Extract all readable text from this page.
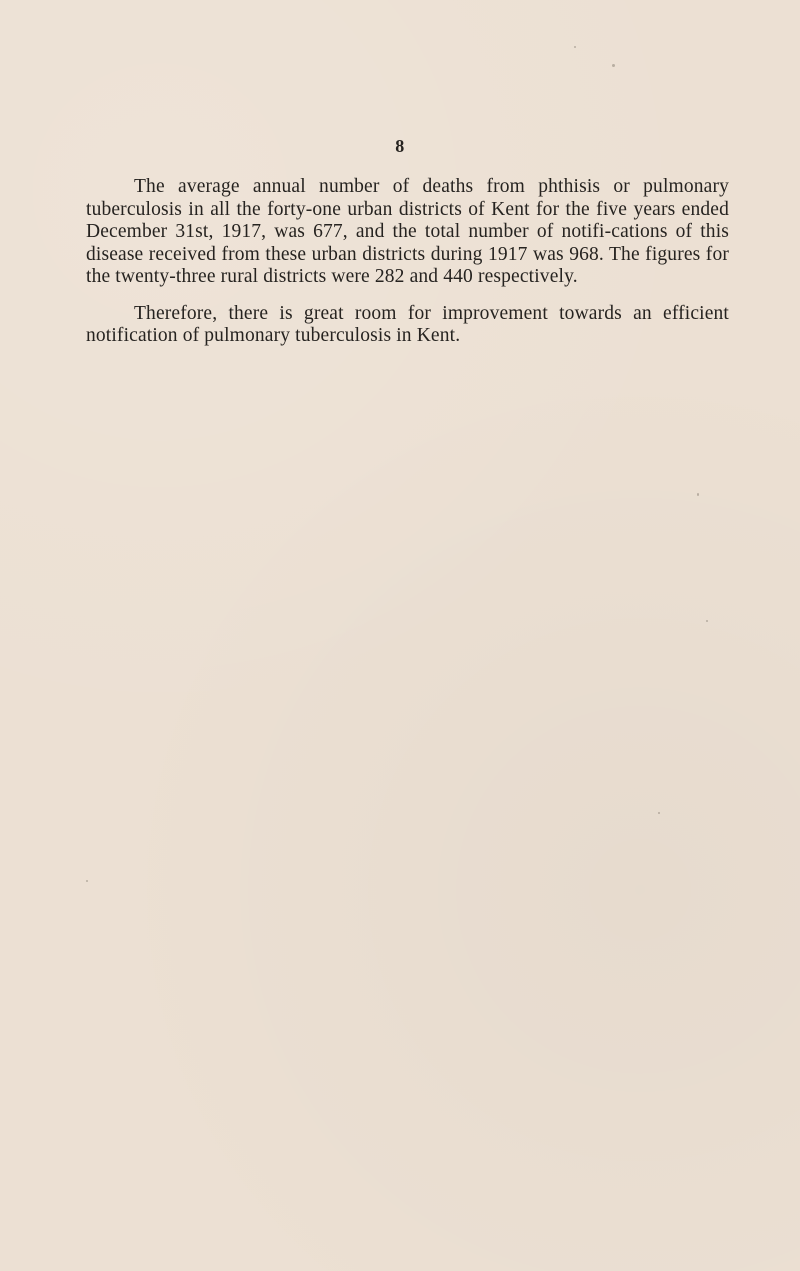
8

The average annual number of deaths from phthisis or pulmonary tuberculosis in all the forty-one urban districts of Kent for the five years ended December 31st, 1917, was 677, and the total number of notifi-cations of this disease received from these urban districts during 1917 was 968. The figures for the twenty-three rural districts were 282 and 440 respectively.

Therefore, there is great room for improvement towards an efficient notification of pulmonary tuberculosis in Kent.
